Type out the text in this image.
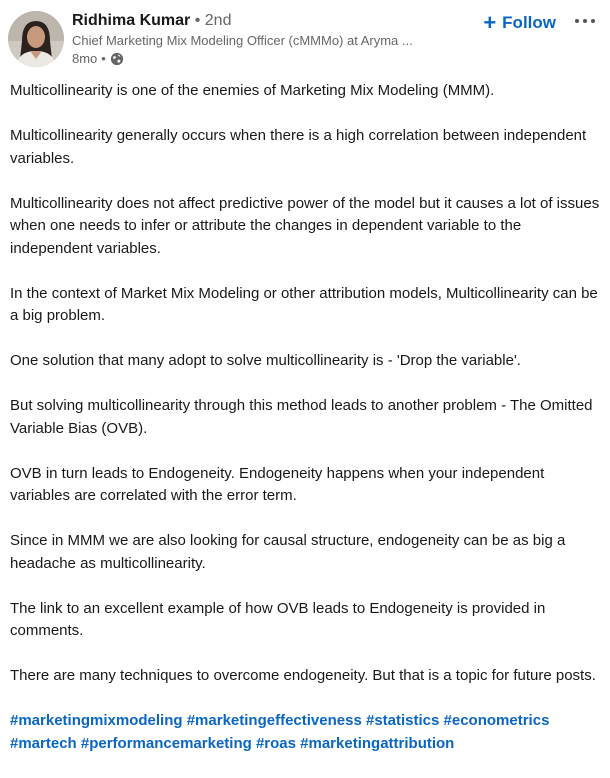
Ridhima Kumar • 2nd
Chief Marketing Mix Modeling Officer (cMMMo) at Aryma ...
8mo •
+ Follow

Multicollinearity is one of the enemies of Marketing Mix Modeling (MMM).

Multicollinearity generally occurs when there is a high correlation between independent variables.

Multicollinearity does not affect predictive power of the model but it causes a lot of issues when one needs to infer or attribute the changes in dependent variable to the independent variables.

In the context of Market Mix Modeling or other attribution models, Multicollinearity can be a big problem.

One solution that many adopt to solve multicollinearity is - 'Drop the variable'.

But solving multicollinearity through this method leads to another problem - The Omitted Variable Bias (OVB).

OVB in turn leads to Endogeneity. Endogeneity happens when your independent variables are correlated with the error term.

Since in MMM we are also looking for causal structure, endogeneity can be as big a headache as multicollinearity.

The link to an excellent example of how OVB leads to Endogeneity is provided in comments.

There are many techniques to overcome endogeneity. But that is a topic for future posts.

#marketingmixmodeling #marketingeffectiveness #statistics #econometrics
#martech #performancemarketing #roas #marketingattribution
